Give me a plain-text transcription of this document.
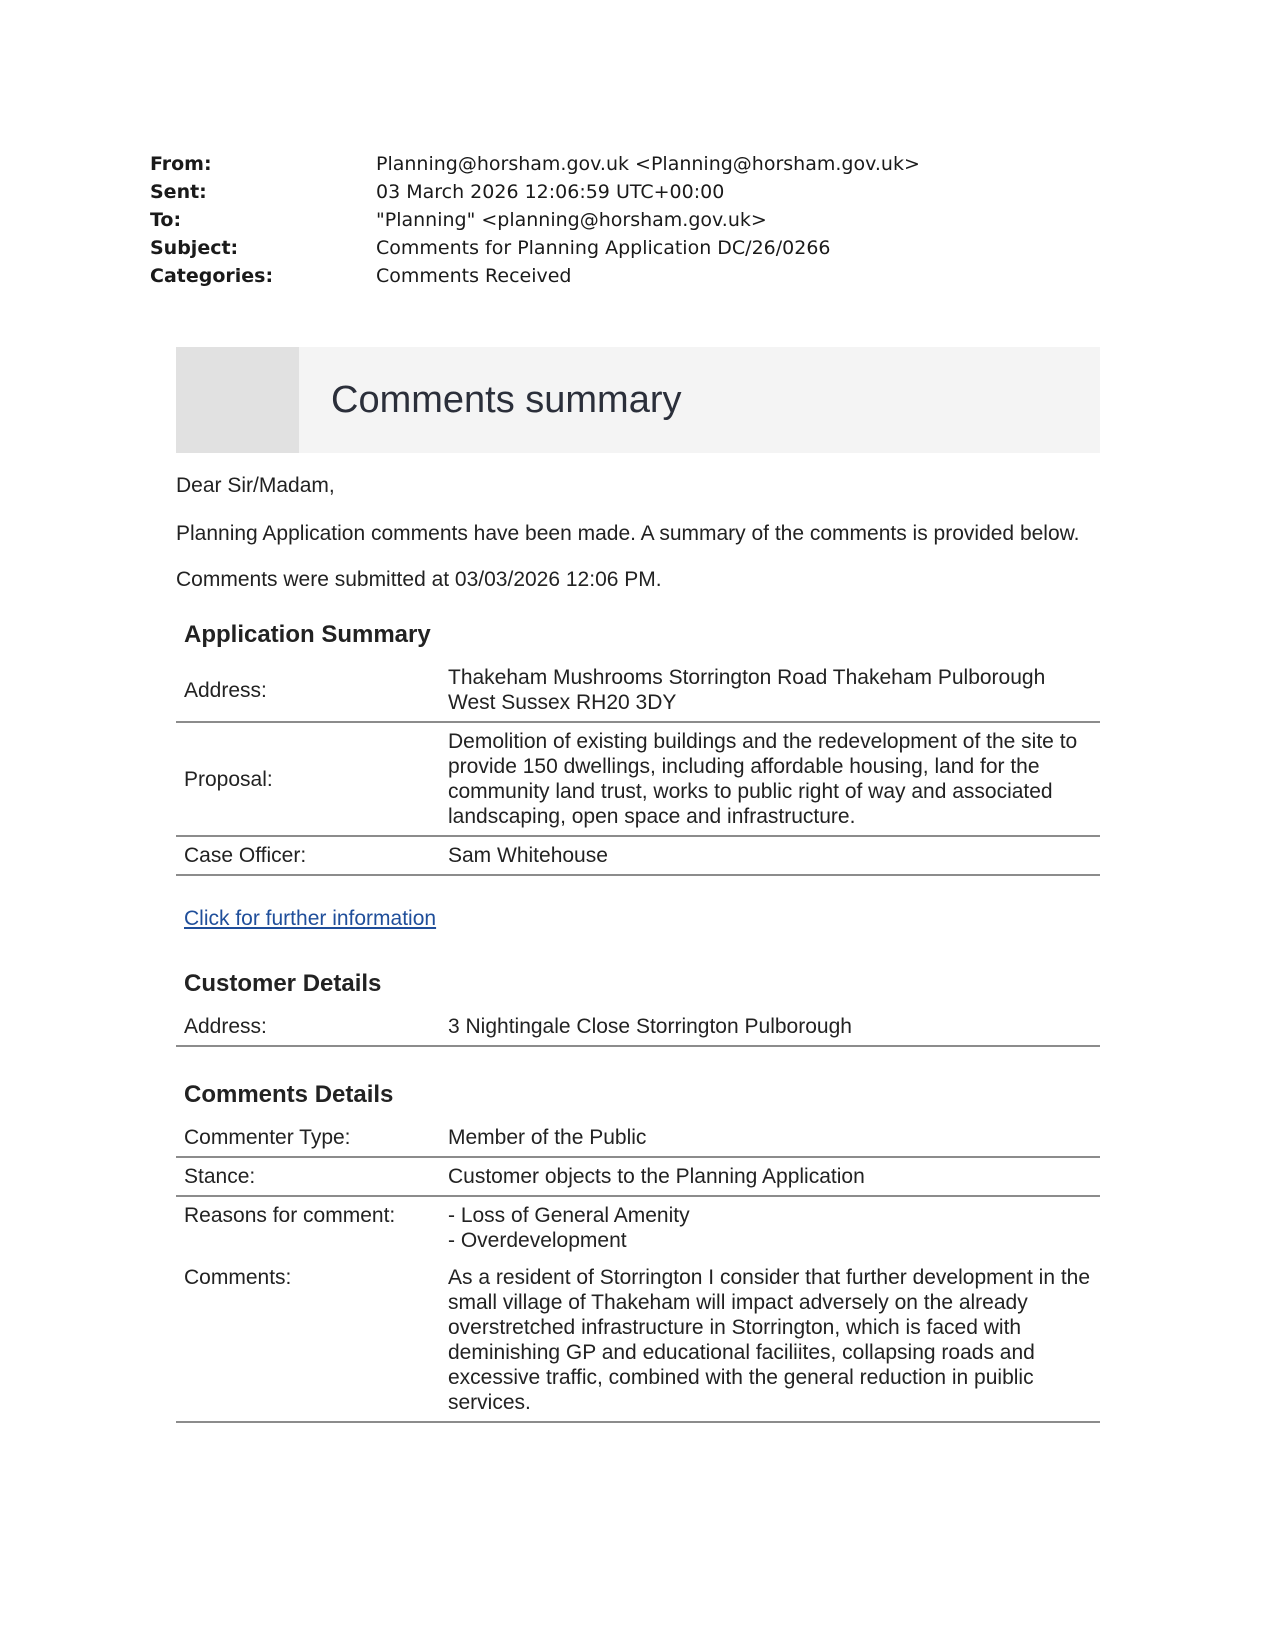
From:	Planning@horsham.gov.uk <Planning@horsham.gov.uk>
Sent:	03 March 2026 12:06:59 UTC+00:00
To:	"Planning" <planning@horsham.gov.uk>
Subject:	Comments for Planning Application DC/26/0266
Categories:	Comments Received
Comments summary

Dear Sir/Madam,

Planning Application comments have been made. A summary of the comments is provided below.

Comments were submitted at 03/03/2026 12:06 PM.

Application Summary
Address:	Thakeham Mushrooms Storrington Road Thakeham Pulborough West Sussex RH20 3DY
Proposal:	Demolition of existing buildings and the redevelopment of the site to provide 150 dwellings, including affordable housing, land for the community land trust, works to public right of way and associated landscaping, open space and infrastructure.
Case Officer:	Sam Whitehouse
Click for further information
Customer Details
Address:	3 Nightingale Close Storrington Pulborough
Comments Details
Commenter Type:	Member of the Public
Stance:	Customer objects to the Planning Application
Reasons for comment:	- Loss of General Amenity
- Overdevelopment
Comments:	As a resident of Storrington I consider that further development in the small village of Thakeham will impact adversely on the already overstretched infrastructure in Storrington, which is faced with deminishing GP and educational faciliites, collapsing roads and excessive traffic, combined with the general reduction in puiblic services.
